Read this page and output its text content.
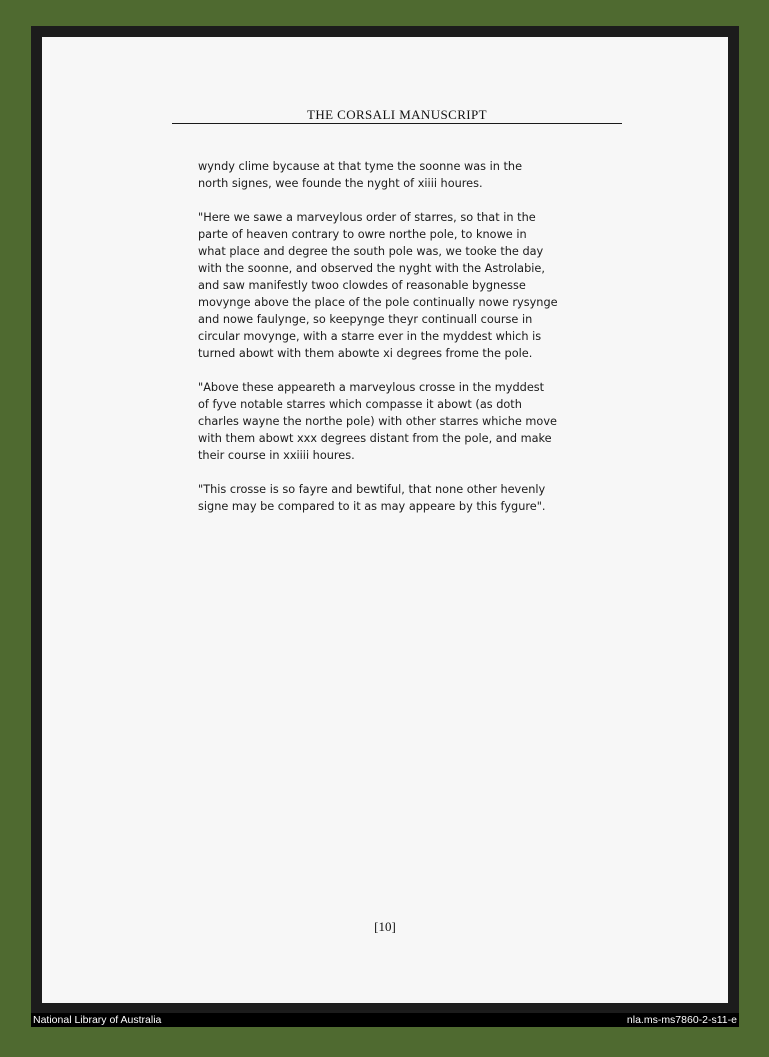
THE CORSALI MANUSCRIPT

wyndy clime bycause at that tyme the soonne was in the
north signes, wee founde the nyght of xiiii houres.

"Here we sawe a marveylous order of starres, so that in the
parte of heaven contrary to owre northe pole, to knowe in
what place and degree the south pole was, we tooke the day
with the soonne, and observed the nyght with the Astrolabie,
and saw manifestly twoo clowdes of reasonable bygnesse
movynge above the place of the pole continually nowe rysynge
and nowe faulynge, so keepynge theyr continuall course in
circular movynge, with a starre ever in the myddest which is
turned abowt with them abowte xi degrees frome the pole.

"Above these appeareth a marveylous crosse in the myddest
of fyve notable starres which compasse it abowt (as doth
charles wayne the northe pole) with other starres whiche move
with them abowt xxx degrees distant from the pole, and make
their course in xxiiii houres.

"This crosse is so fayre and bewtiful, that none other hevenly
signe may be compared to it as may appeare by this fygure".

[10]
National Library of Australia	nla.ms-ms7860-2-s11-e
